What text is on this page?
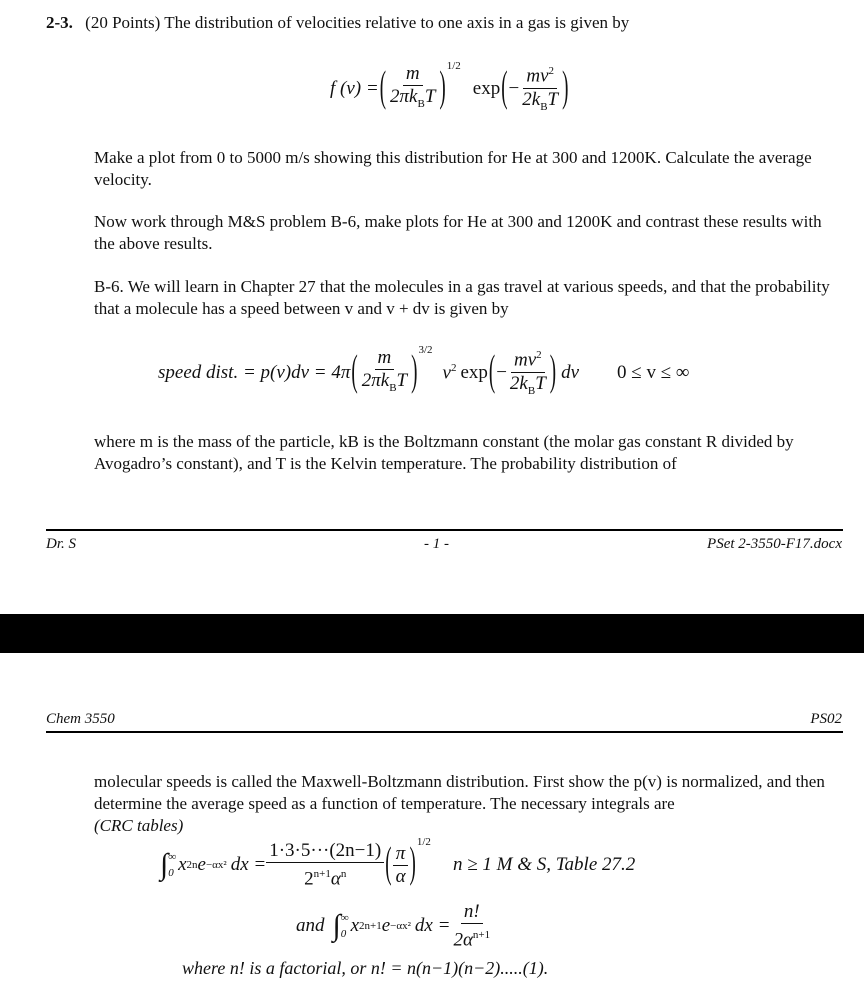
2-3. (20 Points) The distribution of velocities relative to one axis in a gas is given by
f (v) = ( $\frac{m}{2\pi k_BT} )^{1/2}$
exp ( − $\frac{mv^2}{2k_BT}$ )
Make a plot from 0 to 5000 m/s showing this distribution for He at 300 and 1200K. Calculate the average velocity.
Now work through M&S problem B-6, make plots for He at 300 and 1200K and contrast these results with the above results.
B-6. We will learn in Chapter 27 that the molecules in a gas travel at various speeds, and that the probability that a molecule has a speed between v and v + dv is given by
speed dist. = p(v)dv = 4π ( $\frac{m}{2\pi k_BT} )^{3/2}$
$v^2$ exp ( − $\frac{mv^2}{2k_BT}$ ) dv 0 ≤ v ≤ ∞
where m is the mass of the particle, kB is the Boltzmann constant (the molar gas constant R divided by Avogadro’s constant), and T is the Kelvin temperature. The probability distribution of
Dr. S	- 1 -	PSet 2-3550-F17.docx
Chem 3550	PS02
molecular speeds is called the Maxwell-Boltzmann distribution. First show the p(v) is normalized, and then determine the average speed as a function of temperature. The necessary integrals are
(CRC tables)
∫ ∞
0 x 2n e −αx² dx = $\frac{1\cdot 3\cdot 5\cdot\cdot\cdot(2n-1)}{2^{n+1}\alpha^n}$ ( $\frac{\pi}{\alpha} )^{1/2}$
n ≥ 1 M & S, Table 27.2
and ∫ ∞
0 x 2n+1 e −αx² dx = $\frac{n!}{2\alpha^{n+1}}$
where n! is a factorial, or n! = n(n−1)(n−2).....(1).
